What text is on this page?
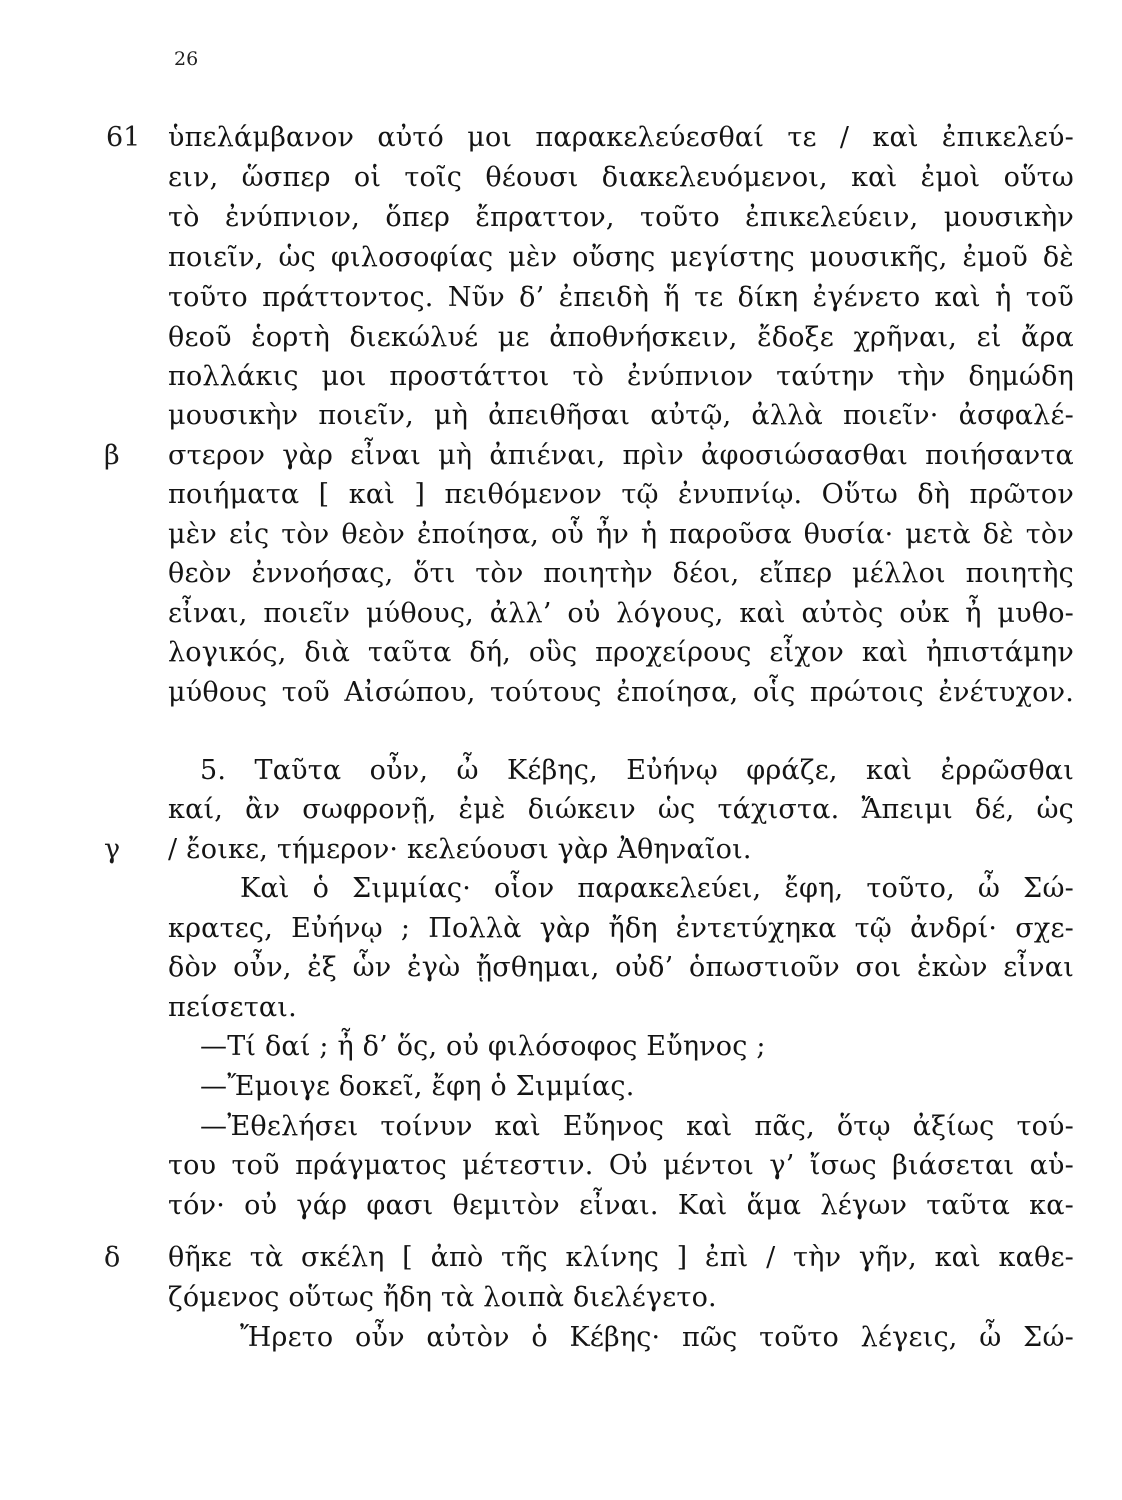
26
61
β
γ
δ
ὑπελάμβανον αὐτό μοι παρακελεύεσθαί τε / καὶ ἐπικελεύ-
ειν, ὥσπερ οἱ τοῖς θέουσι διακελευόμενοι, καὶ ἐμοὶ οὕτω
τὸ ἐνύπνιον, ὅπερ ἔπραττον, τοῦτο ἐπικελεύειν, μουσικὴν
ποιεῖν, ὡς φιλοσοφίας μὲν οὔσης μεγίστης μουσικῆς, ἐμοῦ δὲ
τοῦτο πράττοντος. Νῦν δ’ ἐπειδὴ ἥ τε δίκη ἐγένετο καὶ ἡ τοῦ
θεοῦ ἑορτὴ διεκώλυέ με ἀποθνήσκειν, ἔδοξε χρῆναι, εἰ ἄρα
πολλάκις μοι προστάττοι τὸ ἐνύπνιον ταύτην τὴν δημώδη
μουσικὴν ποιεῖν, μὴ ἀπειθῆσαι αὐτῷ, ἀλλὰ ποιεῖν· ἀσφαλέ-
στερον γὰρ εἶναι μὴ ἀπιέναι, πρὶν ἀφοσιώσασθαι ποιήσαντα
ποιήματα [ καὶ ] πειθόμενον τῷ ἐνυπνίῳ. Οὕτω δὴ πρῶτον
μὲν εἰς τὸν θεὸν ἐποίησα, οὗ ἦν ἡ παροῦσα θυσία· μετὰ δὲ τὸν
θεὸν ἐννοήσας, ὅτι τὸν ποιητὴν δέοι, εἴπερ μέλλοι ποιητὴς
εἶναι, ποιεῖν μύθους, ἀλλ’ οὐ λόγους, καὶ αὐτὸς οὐκ ἦ μυθο-
λογικός, διὰ ταῦτα δή, οὓς προχείρους εἶχον καὶ ἠπιστάμην
μύθους τοῦ Αἰσώπου, τούτους ἐποίησα, οἷς πρώτοις ἐνέτυχον.
5. Ταῦτα οὖν, ὦ Κέβης, Εὐήνῳ φράζε, καὶ ἐρρῶσθαι
καί, ἂν σωφρονῇ, ἐμὲ διώκειν ὡς τάχιστα. Ἄπειμι δέ, ὡς
/ ἔοικε, τήμερον· κελεύουσι γὰρ Ἀθηναῖοι.
Καὶ ὁ Σιμμίας· οἷον παρακελεύει, ἔφη, τοῦτο, ὦ Σώ-
κρατες, Εὐήνῳ ; Πολλὰ γὰρ ἤδη ἐντετύχηκα τῷ ἀνδρί· σχε-
δὸν οὖν, ἐξ ὧν ἐγὼ ᾔσθημαι, οὐδ’ ὁπωστιοῦν σοι ἑκὼν εἶναι
πείσεται.
—Τί δαί ; ἦ δ’ ὅς, οὐ φιλόσοφος Εὔηνος ;
—Ἔμοιγε δοκεῖ, ἔφη ὁ Σιμμίας.
—Ἐθελήσει τοίνυν καὶ Εὔηνος καὶ πᾶς, ὅτῳ ἀξίως τού-
του τοῦ πράγματος μέτεστιν. Οὐ μέντοι γ’ ἴσως βιάσεται αὑ-
τόν· οὐ γάρ φασι θεμιτὸν εἶναι. Καὶ ἅμα λέγων ταῦτα κα-
θῆκε τὰ σκέλη [ ἀπὸ τῆς κλίνης ] ἐπὶ / τὴν γῆν, καὶ καθε-
ζόμενος οὕτως ἤδη τὰ λοιπὰ διελέγετο.
Ἤρετο οὖν αὐτὸν ὁ Κέβης· πῶς τοῦτο λέγεις, ὦ Σώ-
